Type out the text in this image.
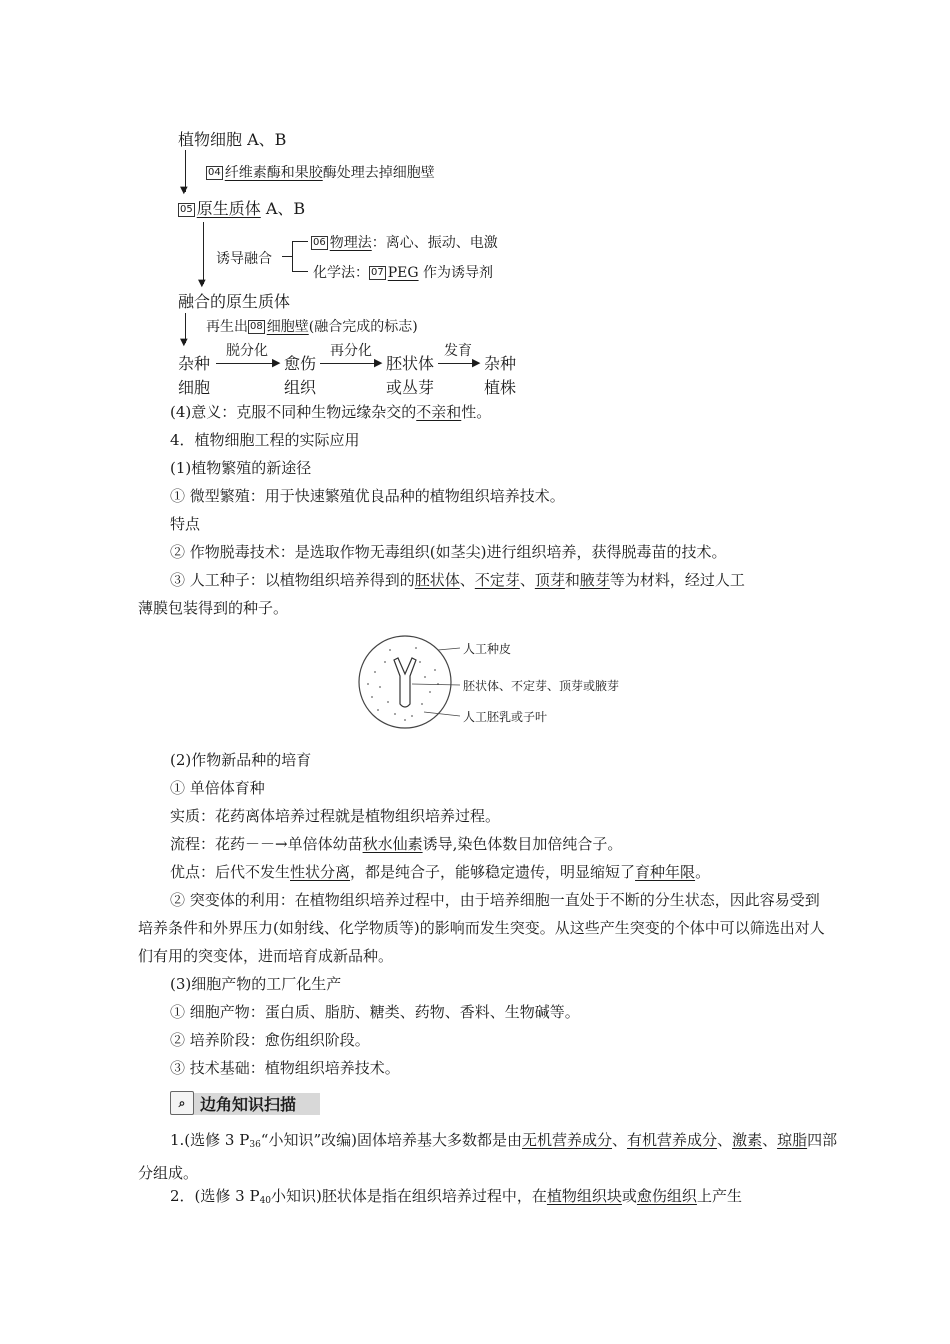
植物细胞 A、B
▼
04 纤维素酶和果胶酶处理去掉细胞壁
05 原生质体 A、B
▼
诱导融合
06 物理法：离心、振动、电激
化学法： 07 PEG 作为诱导剂
融合的原生质体
▼
再生出 08 细胞壁(融合完成的标志)
杂种
细胞
脱分化
▶ 愈伤
组织
再分化
▶ 胚状体
或丛芽
发育
▶ 杂种
植株
(4)意义：克服不同种生物远缘杂交的不亲和性。
4．植物细胞工程的实际应用
(1)植物繁殖的新途径
① 微型繁殖：用于快速繁殖优良品种的植物组织培养技术。
特点
② 作物脱毒技术：是选取作物无毒组织(如茎尖)进行组织培养，获得脱毒苗的技术。
③ 人工种子：以植物组织培养得到的胚状体、不定芽、顶芽和腋芽等为材料，经过人工
薄膜包装得到的种子。
人工种皮
胚状体、不定芽、顶芽或腋芽
人工胚乳或子叶
(2)作物新品种的培育
① 单倍体育种
实质：花药离体培养过程就是植物组织培养过程。
流程：花药－－→单倍体幼苗秋水仙素诱导,染色体数目加倍纯合子。
优点：后代不发生性状分离，都是纯合子，能够稳定遗传，明显缩短了育种年限。
② 突变体的利用：在植物组织培养过程中，由于培养细胞一直处于不断的分生状态，因此容易受到培养条件和外界压力(如射线、化学物质等)的影响而发生突变。从这些产生突变的个体中可以筛选出对人们有用的突变体，进而培育成新品种。
(3)细胞产物的工厂化生产
① 细胞产物：蛋白质、脂肪、糖类、药物、香料、生物碱等。
② 培养阶段：愈伤组织阶段。
③ 技术基础：植物组织培养技术。
⌕ 边角知识扫描
1.(选修 3 $P_{36}“$小知识”改编)固体培养基大多数都是由无机营养成分、有机营养成分、激素、琼脂四部分组成。
2．(选修 3 $P_{40}$小知识)胚状体是指在组织培养过程中，在植物组织块或愈伤组织上产生
